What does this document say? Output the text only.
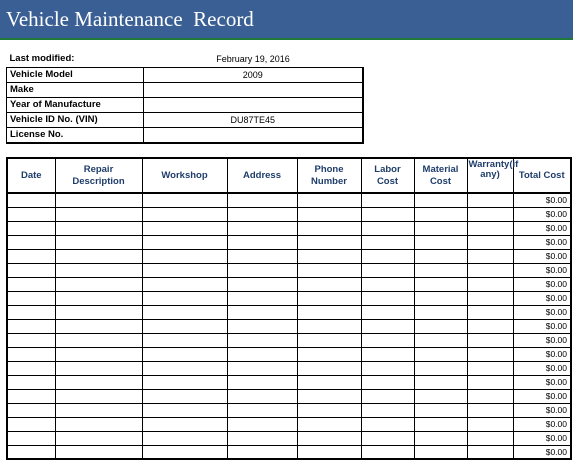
Vehicle Maintenance  Record
Last modified:	February 19, 2016
Vehicle Model	2009
Make	
Year of Manufacture	
Vehicle ID No. (VIN)	DU87TE45
License No.	
Date	Repair Description	Workshop	Address	Phone Number	Labor Cost	Material Cost	Warranty(if any)	Total Cost
								$0.00
								$0.00
								$0.00
								$0.00
								$0.00
								$0.00
								$0.00
								$0.00
								$0.00
								$0.00
								$0.00
								$0.00
								$0.00
								$0.00
								$0.00
								$0.00
								$0.00
								$0.00
								$0.00
